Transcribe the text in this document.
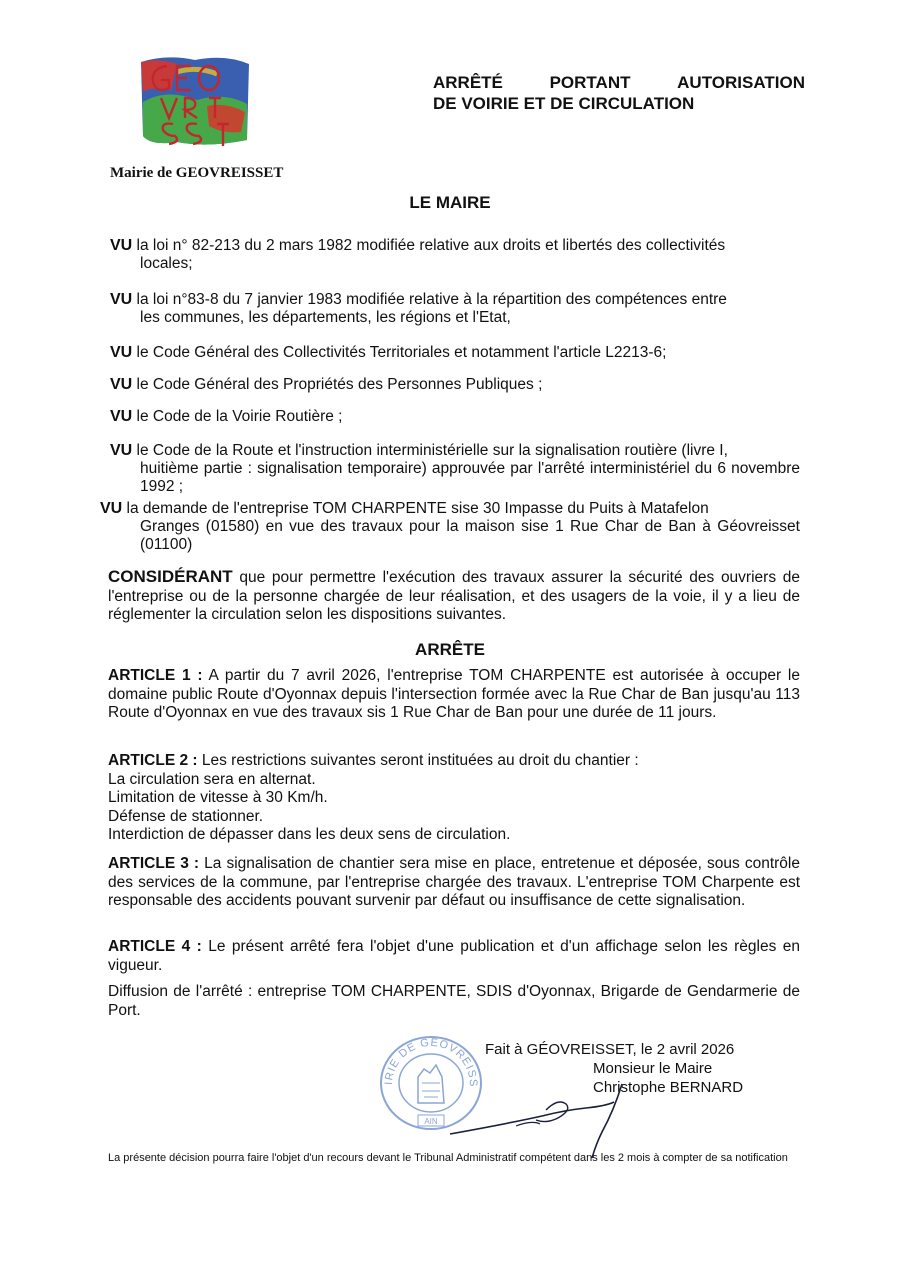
Mairie de GEOVREISSET
ARRÊTÉ	PORTANT	AUTORISATION
DE VOIRIE ET DE CIRCULATION
LE MAIRE
VU la loi n° 82-213 du 2 mars 1982 modifiée relative aux droits et libertés des collectivités
locales;
VU la loi n°83-8 du 7 janvier 1983 modifiée relative à la répartition des compétences entre
les communes, les départements, les régions et l'Etat,
VU le Code Général des Collectivités Territoriales et notamment l'article L2213-6;
VU le Code Général des Propriétés des Personnes Publiques ;
VU le Code de la Voirie Routière ;
VU le Code de la Route et l'instruction interministérielle sur la signalisation routière (livre I,
huitième partie : signalisation temporaire) approuvée par l'arrêté interministériel du 6 novembre 1992 ;
VU la demande de l'entreprise TOM CHARPENTE sise 30 Impasse du Puits à Matafelon
Granges (01580) en vue des travaux pour la maison sise 1 Rue Char de Ban à Géovreisset (01100)
CONSIDÉRANT que pour permettre l'exécution des travaux assurer la sécurité des ouvriers de l'entreprise ou de la personne chargée de leur réalisation, et des usagers de la voie, il y a lieu de réglementer la circulation selon les dispositions suivantes.
ARRÊTE
ARTICLE 1 : A partir du 7 avril 2026, l'entreprise TOM CHARPENTE est autorisée à occuper le domaine public Route d'Oyonnax depuis l'intersection formée avec la Rue Char de Ban jusqu'au 113 Route d'Oyonnax en vue des travaux sis 1 Rue Char de Ban pour une durée de 11 jours.
ARTICLE 2 : Les restrictions suivantes seront instituées au droit du chantier :
La circulation sera en alternat.
Limitation de vitesse à 30 Km/h.
Défense de stationner.
Interdiction de dépasser dans les deux sens de circulation.
ARTICLE 3 : La signalisation de chantier sera mise en place, entretenue et déposée, sous contrôle des services de la commune, par l'entreprise chargée des travaux. L'entreprise TOM Charpente est responsable des accidents pouvant survenir par défaut ou insuffisance de cette signalisation.
ARTICLE 4 : Le présent arrêté fera l'objet d'une publication et d'un affichage selon les règles en vigueur.
Diffusion de l'arrêté : entreprise TOM CHARPENTE, SDIS d'Oyonnax, Brigarde de Gendarmerie de Port.
IRIE DE GEOVREISS
AIN
Fait à GÉOVREISSET, le 2 avril 2026
Monsieur le Maire
Christophe BERNARD
La présente décision pourra faire l'objet d'un recours devant le Tribunal Administratif compétent dans les 2 mois à compter de sa notification
